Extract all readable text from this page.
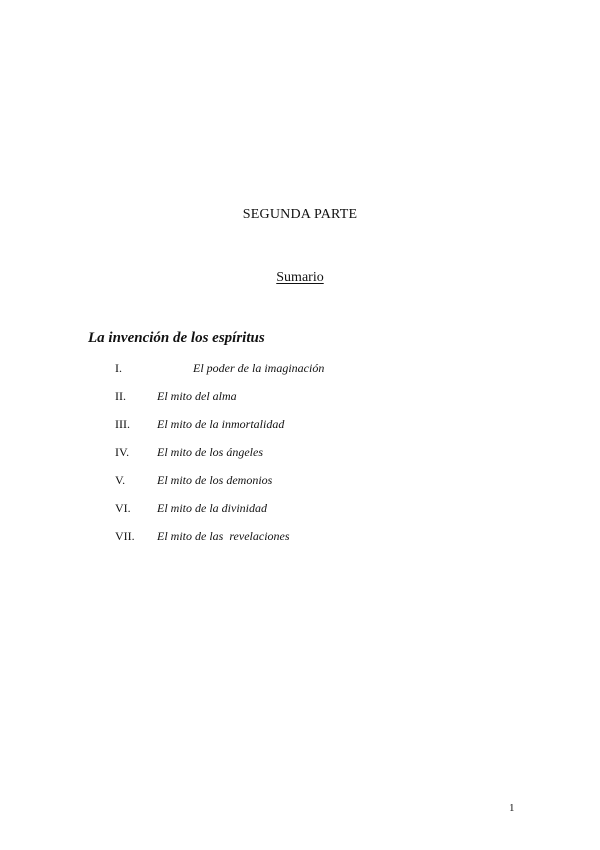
SEGUNDA PARTE
Sumario
La invención de los espíritus
I.	El poder de la imaginación
II.	El mito del alma
III. El mito de la inmortalidad
IV. El mito de los ángeles
V.	El mito de los demonios
VI. El mito de la divinidad
VII. El mito de las  revelaciones
1
